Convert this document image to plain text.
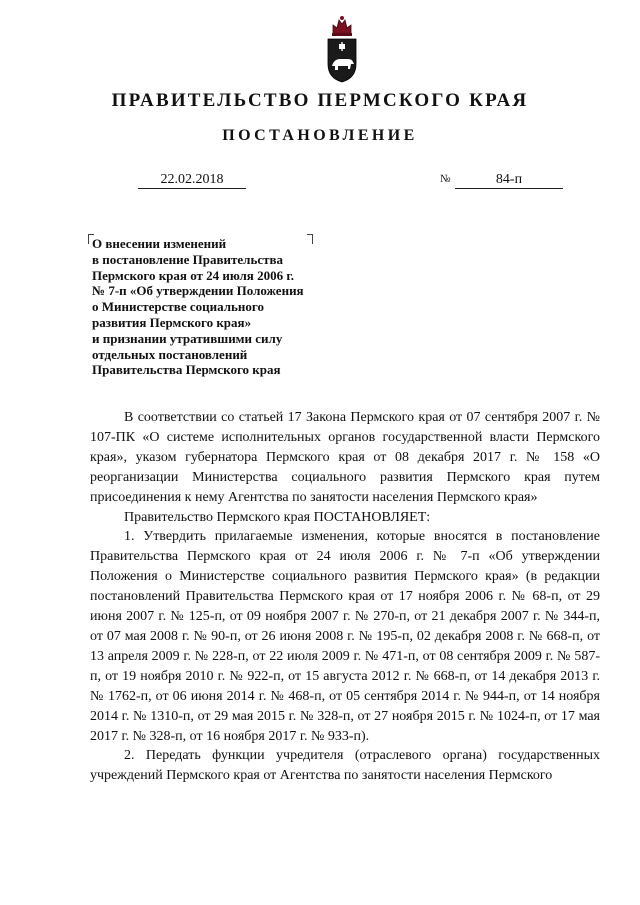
ПРАВИТЕЛЬСТВО ПЕРМСКОГО КРАЯ
ПОСТАНОВЛЕНИЕ
22.02.2018	№	84-п
О внесении изменений
в постановление Правительства
Пермского края от 24 июля 2006 г.
№ 7-п «Об утверждении Положения
о Министерстве социального
развития Пермского края»
и признании утратившими силу
отдельных постановлений
Правительства Пермского края

В соответствии со статьей 17 Закона Пермского края от 07 сентября 2007 г. № 107-ПК «О системе исполнительных органов государственной власти Пермского края», указом губернатора Пермского края от 08 декабря 2017 г. № 158 «О реорганизации Министерства социального развития Пермского края путем присоединения к нему Агентства по занятости населения Пермского края»

Правительство Пермского края ПОСТАНОВЛЯЕТ:

1. Утвердить прилагаемые изменения, которые вносятся в постановление Правительства Пермского края от 24 июля 2006 г. № 7-п «Об утверждении Положения о Министерстве социального развития Пермского края» (в редакции постановлений Правительства Пермского края от 17 ноября 2006 г. № 68-п, от 29 июня 2007 г. № 125-п, от 09 ноября 2007 г. № 270-п, от 21 декабря 2007 г. № 344-п, от 07 мая 2008 г. № 90-п, от 26 июня 2008 г. № 195-п, 02 декабря 2008 г. № 668-п, от 13 апреля 2009 г. № 228-п, от 22 июля 2009 г. № 471-п, от 08 сентября 2009 г. № 587-п, от 19 ноября 2010 г. № 922-п, от 15 августа 2012 г. № 668-п, от 14 декабря 2013 г. № 1762-п, от 06 июня 2014 г. № 468-п, от 05 сентября 2014 г. № 944-п, от 14 ноября 2014 г. № 1310-п, от 29 мая 2015 г. № 328-п, от 27 ноября 2015 г. № 1024-п, от 17 мая 2017 г. № 328-п, от 16 ноября 2017 г. № 933-п).

2. Передать функции учредителя (отраслевого органа) государственных учреждений Пермского края от Агентства по занятости населения Пермского
